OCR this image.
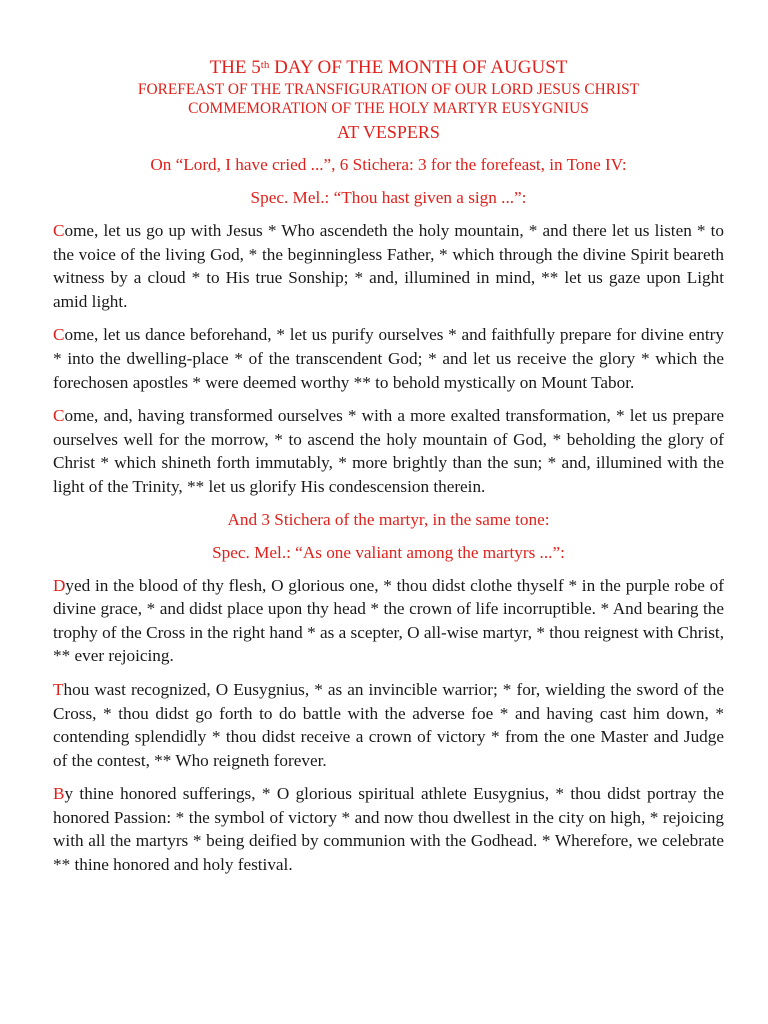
THE 5th DAY OF THE MONTH OF AUGUST

FOREFEAST OF THE TRANSFIGURATION OF OUR LORD JESUS CHRIST

COMMEMORATION OF THE HOLY MARTYR EUSYGNIUS

AT VESPERS

On “Lord, I have cried ...”, 6 Stichera: 3 for the forefeast, in Tone IV:

Spec. Mel.: “Thou hast given a sign ...”:

Come, let us go up with Jesus * Who ascendeth the holy mountain, * and there let us listen * to the voice of the living God, * the beginningless Father, * which through the divine Spirit beareth witness by a cloud * to His true Sonship; * and, illumined in mind, ** let us gaze upon Light amid light.

Come, let us dance beforehand, * let us purify ourselves * and faithfully prepare for divine entry * into the dwelling-place * of the transcendent God; * and let us receive the glory * which the forechosen apostles * were deemed worthy ** to behold mystically on Mount Tabor.

Come, and, having transformed ourselves * with a more exalted transformation, * let us prepare ourselves well for the morrow, * to ascend the holy mountain of God, * beholding the glory of Christ * which shineth forth immutably, * more brightly than the sun; * and, illumined with the light of the Trinity, ** let us glorify His condescension therein.

And 3 Stichera of the martyr, in the same tone:

Spec. Mel.: “As one valiant among the martyrs ...”:

Dyed in the blood of thy flesh, O glorious one, * thou didst clothe thyself * in the purple robe of divine grace, * and didst place upon thy head * the crown of life incorruptible. * And bearing the trophy of the Cross in the right hand * as a scepter, O all-wise martyr, * thou reignest with Christ, ** ever rejoicing.

Thou wast recognized, O Eusygnius, * as an invincible warrior; * for, wielding the sword of the Cross, * thou didst go forth to do battle with the adverse foe * and having cast him down, * contending splendidly * thou didst receive a crown of victory * from the one Master and Judge of the contest, ** Who reigneth forever.

By thine honored sufferings, * O glorious spiritual athlete Eusygnius, * thou didst portray the honored Passion: * the symbol of victory * and now thou dwellest in the city on high, * rejoicing with all the martyrs * being deified by communion with the Godhead. * Wherefore, we celebrate ** thine honored and holy festival.
